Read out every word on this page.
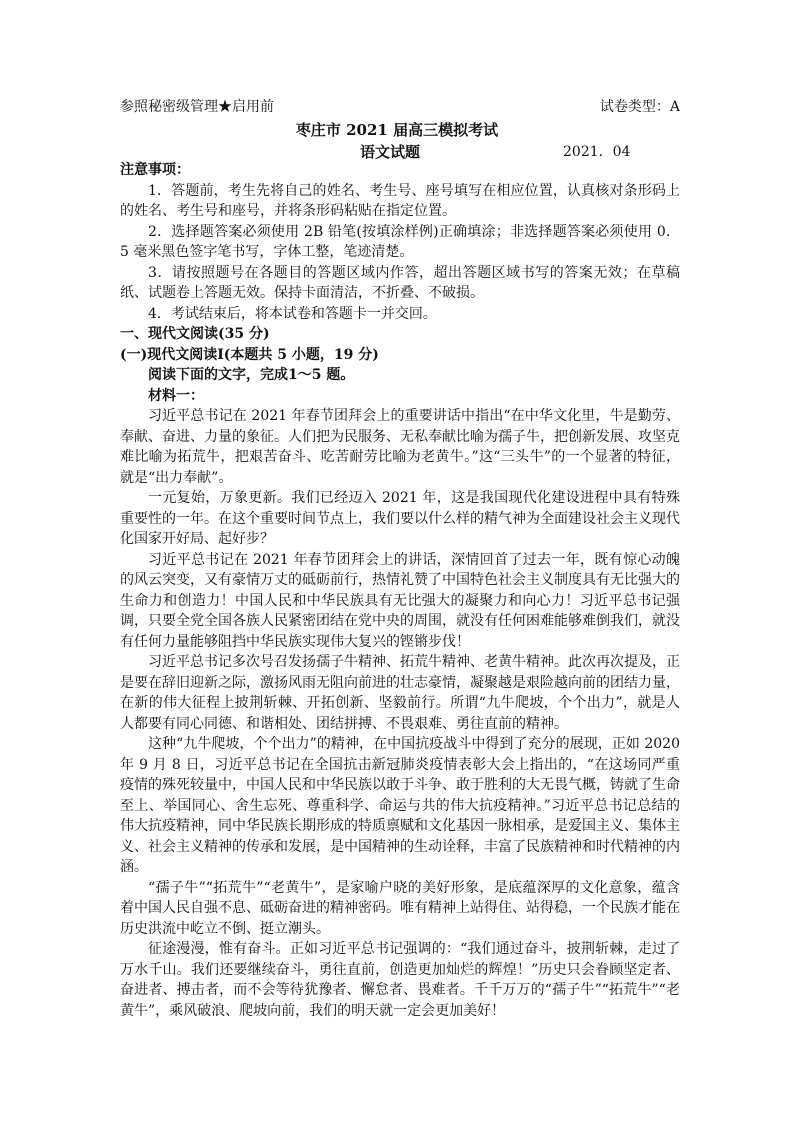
参照秘密级管理★启用前	试卷类型：A
枣庄市 2021 届高三模拟考试
语文试题	2021．04

注意事项：

1．答题前，考生先将自己的姓名、考生号、座号填写在相应位置，认真核对条形码上的姓名、考生号和座号，并将条形码粘贴在指定位置。

2．选择题答案必须使用 2B 铅笔(按填涂样例)正确填涂；非选择题答案必须使用 0．5 毫米黑色签字笔书写，字体工整，笔迹清楚。

3．请按照题号在各题目的答题区域内作答，超出答题区域书写的答案无效；在草稿纸、试题卷上答题无效。保持卡面清洁，不折叠、不破损。

4．考试结束后，将本试卷和答题卡一并交回。

一、现代文阅读(35 分)

(一)现代文阅读Ⅰ(本题共 5 小题，19 分)

阅读下面的文字，完成1～5 题。

材料一：

习近平总书记在 2021 年春节团拜会上的重要讲话中指出“在中华文化里，牛是勤劳、奉献、奋进、力量的象征。人们把为民服务、无私奉献比喻为孺子牛，把创新发展、攻坚克难比喻为拓荒牛，把艰苦奋斗、吃苦耐劳比喻为老黄牛。”这“三头牛”的一个显著的特征，就是“出力奉献”。

一元复始，万象更新。我们已经迈入 2021 年，这是我国现代化建设进程中具有特殊重要性的一年。在这个重要时间节点上，我们要以什么样的精气神为全面建设社会主义现代化国家开好局、起好步？

习近平总书记在 2021 年春节团拜会上的讲话，深情回首了过去一年，既有惊心动魄的风云突变，又有豪情万丈的砥砺前行，热情礼赞了中国特色社会主义制度具有无比强大的生命力和创造力！中国人民和中华民族具有无比强大的凝聚力和向心力！习近平总书记强调，只要全党全国各族人民紧密团结在党中央的周围，就没有任何困难能够难倒我们，就没有任何力量能够阻挡中华民族实现伟大复兴的铿锵步伐！

习近平总书记多次号召发扬孺子牛精神、拓荒牛精神、老黄牛精神。此次再次提及，正是要在辞旧迎新之际，激扬风雨无阻向前进的壮志豪情，凝聚越是艰险越向前的团结力量，在新的伟大征程上披荆斩棘、开拓创新、坚毅前行。所谓“九牛爬坡，个个出力”，就是人人都要有同心同德、和谐相处、团结拼搏、不畏艰难、勇往直前的精神。

这种“九牛爬坡，个个出力”的精神，在中国抗疫战斗中得到了充分的展现，正如 2020 年 9 月 8 日，习近平总书记在全国抗击新冠肺炎疫情表彰大会上指出的，“在这场同严重疫情的殊死较量中，中国人民和中华民族以敢于斗争、敢于胜利的大无畏气概，铸就了生命至上、举国同心、舍生忘死、尊重科学、命运与共的伟大抗疫精神。”习近平总书记总结的伟大抗疫精神，同中华民族长期形成的特质禀赋和文化基因一脉相承，是爱国主义、集体主义、社会主义精神的传承和发展，是中国精神的生动诠释，丰富了民族精神和时代精神的内涵。

“孺子牛”“拓荒牛”“老黄牛”，是家喻户晓的美好形象，是底蕴深厚的文化意象，蕴含着中国人民自强不息、砥砺奋进的精神密码。唯有精神上站得住、站得稳，一个民族才能在历史洪流中屹立不倒、挺立潮头。

征途漫漫，惟有奋斗。正如习近平总书记强调的：“我们通过奋斗，披荆斩棘，走过了万水千山。我们还要继续奋斗，勇往直前，创造更加灿烂的辉煌！”历史只会眷顾坚定者、奋进者、搏击者，而不会等待犹豫者、懈怠者、畏难者。千千万万的“孺子牛”“拓荒牛”“老黄牛”，乘风破浪、爬坡向前，我们的明天就一定会更加美好！
